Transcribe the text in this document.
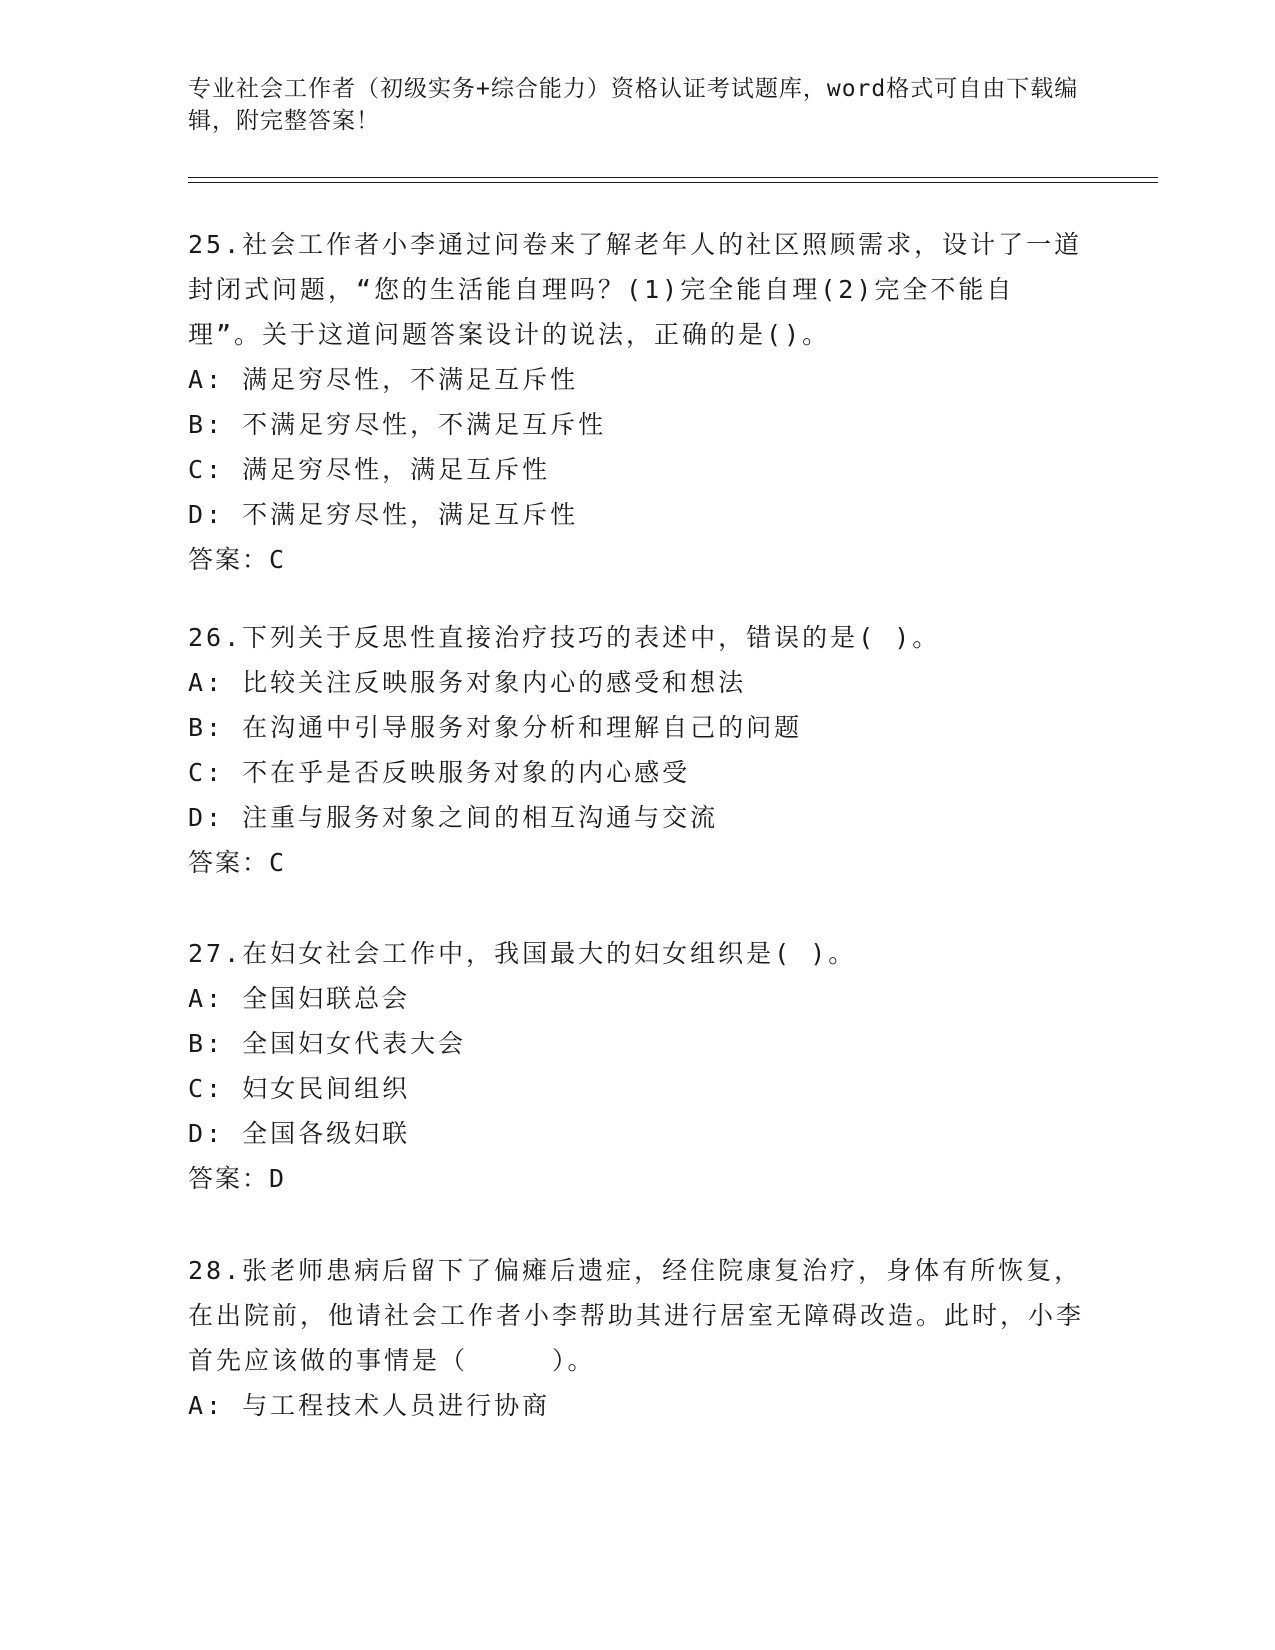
专业社会工作者（初级实务+综合能力）资格认证考试题库，word格式可自由下载编辑，附完整答案！
25.社会工作者小李通过问卷来了解老年人的社区照顾需求，设计了一道封闭式问题，“您的生活能自理吗？(1)完全能自理(2)完全不能自理”。关于这道问题答案设计的说法，正确的是()。
A: 满足穷尽性，不满足互斥性
B: 不满足穷尽性，不满足互斥性
C: 满足穷尽性，满足互斥性
D: 不满足穷尽性，满足互斥性
答案：C
26.下列关于反思性直接治疗技巧的表述中，错误的是( )。
A: 比较关注反映服务对象内心的感受和想法
B: 在沟通中引导服务对象分析和理解自己的问题
C: 不在乎是否反映服务对象的内心感受
D: 注重与服务对象之间的相互沟通与交流
答案：C
27.在妇女社会工作中，我国最大的妇女组织是( )。
A: 全国妇联总会
B: 全国妇女代表大会
C: 妇女民间组织
D: 全国各级妇联
答案：D
28.张老师患病后留下了偏瘫后遗症，经住院康复治疗，身体有所恢复，在出院前，他请社会工作者小李帮助其进行居室无障碍改造。此时，小李首先应该做的事情是（　　　）。
A: 与工程技术人员进行协商
